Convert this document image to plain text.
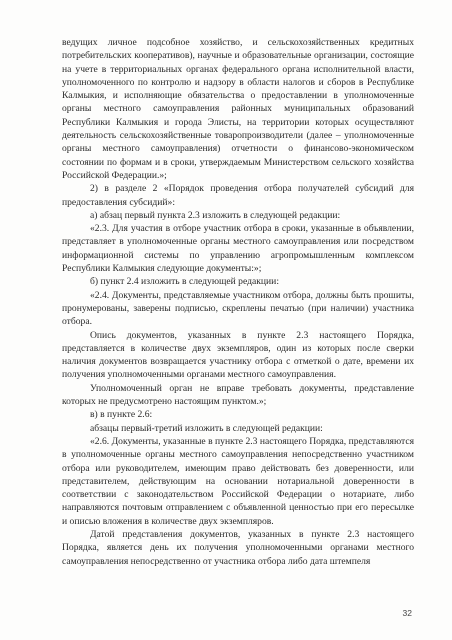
ведущих личное подсобное хозяйство, и сельскохозяйственных кредитных потребительских кооперативов), научные и образовательные организации, состоящие на учете в территориальных органах федерального органа исполнительной власти, уполномоченного по контролю и надзору в области налогов и сборов в Республике Калмыкия, и исполняющие обязательства о предоставлении в уполномоченные органы местного самоуправления районных муниципальных образований Республики Калмыкия и города Элисты, на территории которых осуществляют деятельность сельскохозяйственные товаропроизводители (далее – уполномоченные органы местного самоуправления) отчетности о финансово-экономическом состоянии по формам и в сроки, утверждаемым Министерством сельского хозяйства Российской Федерации.»;

2) в разделе 2 «Порядок проведения отбора получателей субсидий для предоставления субсидий»:

а) абзац первый пункта 2.3 изложить в следующей редакции:

«2.3. Для участия в отборе участник отбора в сроки, указанные в объявлении, представляет в уполномоченные органы местного самоуправления или посредством информационной системы по управлению агропромышленным комплексом Республики Калмыкия следующие документы:»;

б) пункт 2.4 изложить в следующей редакции:

«2.4. Документы, представляемые участником отбора, должны быть прошиты, пронумерованы, заверены подписью, скреплены печатью (при наличии) участника отбора.

Опись документов, указанных в пункте 2.3 настоящего Порядка, представляется в количестве двух экземпляров, один из которых после сверки наличия документов возвращается участнику отбора с отметкой о дате, времени их получения уполномоченными органами местного самоуправления.

Уполномоченный орган не вправе требовать документы, представление которых не предусмотрено настоящим пунктом.»;

в) в пункте 2.6:

абзацы первый-третий изложить в следующей редакции:

«2.6. Документы, указанные в пункте 2.3 настоящего Порядка, представляются в уполномоченные органы местного самоуправления непосредственно участником отбора или руководителем, имеющим право действовать без доверенности, или представителем, действующим на основании нотариальной доверенности в соответствии с законодательством Российской Федерации о нотариате, либо направляются почтовым отправлением с объявленной ценностью при его пересылке и описью вложения в количестве двух экземпляров.

Датой представления документов, указанных в пункте 2.3 настоящего Порядка, является день их получения уполномоченными органами местного самоуправления непосредственно от участника отбора либо дата штемпеля

32
